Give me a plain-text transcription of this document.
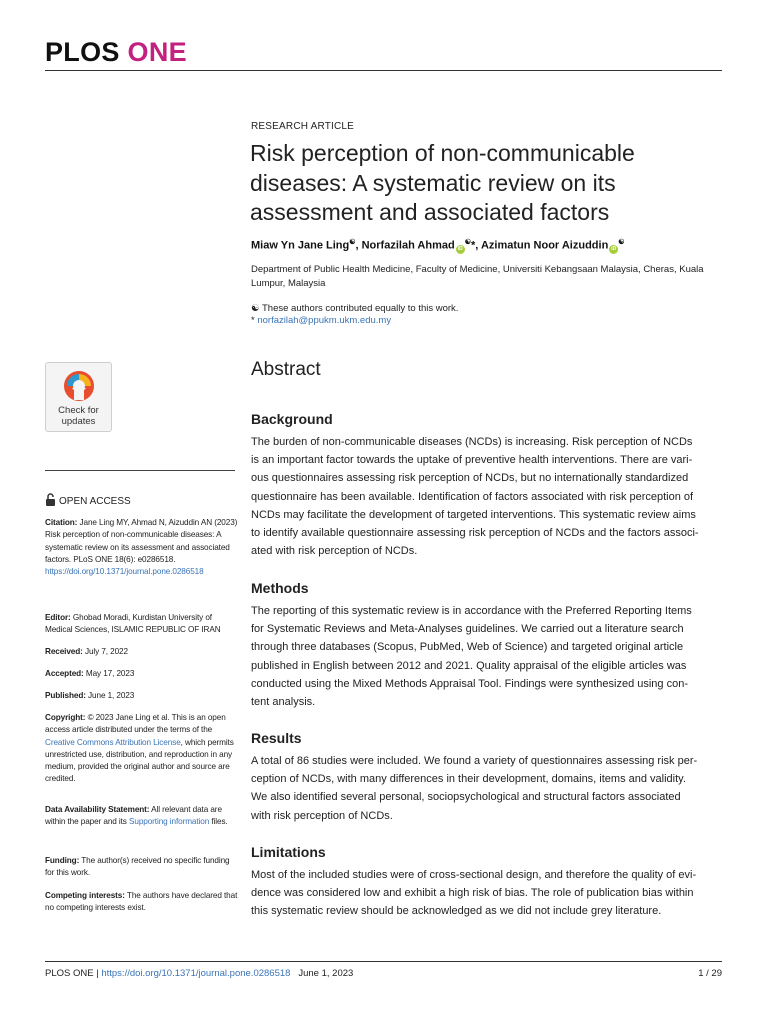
PLOS ONE
RESEARCH ARTICLE
Risk perception of non-communicable
diseases: A systematic review on its
assessment and associated factors
Miaw Yn Jane Ling☯, Norfazilah Ahmad iD☯*, Azimatun Noor Aizuddin iD☯
Department of Public Health Medicine, Faculty of Medicine, Universiti Kebangsaan Malaysia, Cheras, Kuala Lumpur, Malaysia
☯ These authors contributed equally to this work.
* norfazilah@ppukm.ukm.edu.my
Check for
updates
OPEN ACCESS
Citation: Jane Ling MY, Ahmad N, Aizuddin AN (2023) Risk perception of non-communicable diseases: A systematic review on its assessment and associated factors. PLoS ONE 18(6): e0286518. https://doi.org/10.1371/journal.pone.0286518
Editor: Ghobad Moradi, Kurdistan University of Medical Sciences, ISLAMIC REPUBLIC OF IRAN
Received: July 7, 2022
Accepted: May 17, 2023
Published: June 1, 2023
Copyright: © 2023 Jane Ling et al. This is an open access article distributed under the terms of the Creative Commons Attribution License, which permits unrestricted use, distribution, and reproduction in any medium, provided the original author and source are credited.
Data Availability Statement: All relevant data are within the paper and its Supporting information files.
Funding: The author(s) received no specific funding for this work.
Competing interests: The authors have declared that no competing interests exist.
Abstract
Background
The burden of non-communicable diseases (NCDs) is increasing. Risk perception of NCDs
is an important factor towards the uptake of preventive health interventions. There are vari-
ous questionnaires assessing risk perception of NCDs, but no internationally standardized
questionnaire has been available. Identification of factors associated with risk perception of
NCDs may facilitate the development of targeted interventions. This systematic review aims
to identify available questionnaire assessing risk perception of NCDs and the factors associ-
ated with risk perception of NCDs.
Methods
The reporting of this systematic review is in accordance with the Preferred Reporting Items
for Systematic Reviews and Meta-Analyses guidelines. We carried out a literature search
through three databases (Scopus, PubMed, Web of Science) and targeted original article
published in English between 2012 and 2021. Quality appraisal of the eligible articles was
conducted using the Mixed Methods Appraisal Tool. Findings were synthesized using con-
tent analysis.
Results
A total of 86 studies were included. We found a variety of questionnaires assessing risk per-
ception of NCDs, with many differences in their development, domains, items and validity.
We also identified several personal, sociopsychological and structural factors associated
with risk perception of NCDs.
Limitations
Most of the included studies were of cross-sectional design, and therefore the quality of evi-
dence was considered low and exhibit a high risk of bias. The role of publication bias within
this systematic review should be acknowledged as we did not include grey literature.
PLOS ONE | https://doi.org/10.1371/journal.pone.0286518 June 1, 2023	1 / 29
